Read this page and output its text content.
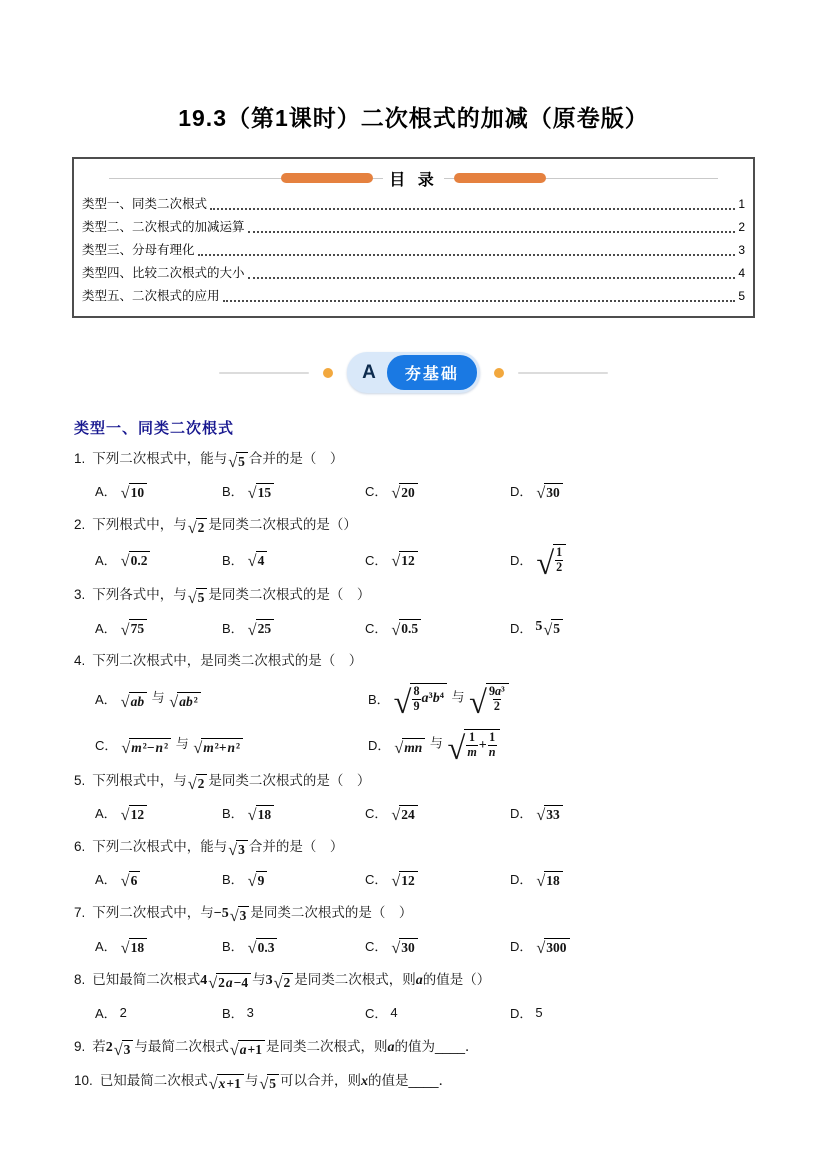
19.3（第1课时）二次根式的加减（原卷版）
目 录
类型一、同类二次根式	1
类型二、二次根式的加减运算	2
类型三、分母有理化	3
类型四、比较二次根式的大小	4
类型五、二次根式的应用	5
A	夯基础
类型一、同类二次根式
1. 下列二次根式中，能与 √ 5 合并的是（　）
A． √ 10	B． √ 15	C． √ 20	D． √ 30
2. 下列根式中，与 √ 2 是同类二次根式的是（）
A． √ 0.2	B． √ 4	C． √ 12	D． √ $\frac{1}{2}$
3. 下列各式中，与 √ 5 是同类二次根式的是（　）
A． √ 75	B． √ 25	C． √ 0.5	D． 5 √ 5
4. 下列二次根式中，是同类二次根式的是（　）
A． √ ab 与 √ ab ²	B． √ $\frac{8}{9} a^3b^4$ 与 √ $\frac{\text{9a³}}{2}$
C． √ m ²− n ² 与 √ m ²+ n ²	D． √ mn 与 √ $\frac{1}{m} + \frac{1}{n}$
5. 下列根式中，与 √ 2 是同类二次根式的是（　）
A． √ 12	B． √ 18	C． √ 24	D． √ 33
6. 下列二次根式中，能与 √ 3 合并的是（　）
A． √ 6	B． √ 9	C． √ 12	D． √ 18
7. 下列二次根式中，与−5 √ 3 是同类二次根式的是（　）
A． √ 18	B． √ 0.3	C． √ 30	D． √ 300
8. 已知最简二次根式4 √ 2 a −4 与3 √ 2 是同类二次根式，则a的值是（）
A． 2	B． 3	C． 4	D． 5
9. 若2 √ 3 与最简二次根式 √ a +1 是同类二次根式，则a的值为____．
10. 已知最简二次根式 √ x +1 与 √ 5 可以合并，则x的值是____．
